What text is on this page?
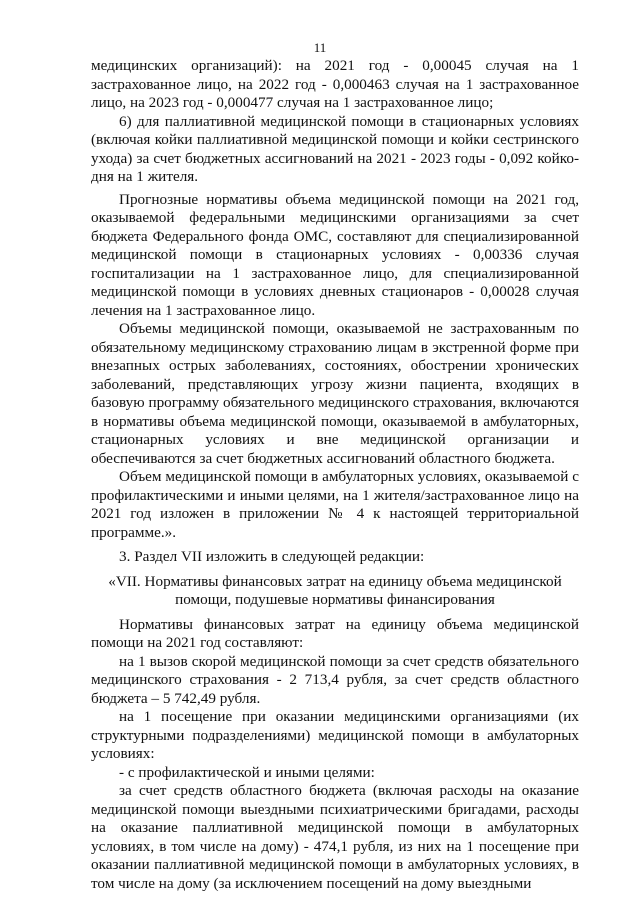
11

медицинских организаций): на 2021 год - 0,00045 случая на 1 застрахованное лицо, на 2022 год - 0,000463 случая на 1 застрахованное лицо, на 2023 год - 0,000477 случая на 1 застрахованное лицо;

6) для паллиативной медицинской помощи в стационарных условиях (включая койки паллиативной медицинской помощи и койки сестринского ухода) за счет бюджетных ассигнований на 2021 - 2023 годы - 0,092 койко-дня на 1 жителя.

Прогнозные нормативы объема медицинской помощи на 2021 год, оказываемой федеральными медицинскими организациями за счет бюджета Федерального фонда ОМС, составляют для специализированной медицинской помощи в стационарных условиях - 0,00336 случая госпитализации на 1 застрахованное лицо, для специализированной медицинской помощи в условиях дневных стационаров - 0,00028 случая лечения на 1 застрахованное лицо.

Объемы медицинской помощи, оказываемой не застрахованным по обязательному медицинскому страхованию лицам в экстренной форме при внезапных острых заболеваниях, состояниях, обострении хронических заболеваний, представляющих угрозу жизни пациента, входящих в базовую программу обязательного медицинского страхования, включаются в нормативы объема медицинской помощи, оказываемой в амбулаторных, стационарных условиях и вне медицинской организации и обеспечиваются за счет бюджетных ассигнований областного бюджета.

Объем медицинской помощи в амбулаторных условиях, оказываемой с профилактическими и иными целями, на 1 жителя/застрахованное лицо на 2021 год изложен в приложении № 4 к настоящей территориальной программе.».

3. Раздел VII изложить в следующей редакции:

«VII. Нормативы финансовых затрат на единицу объема медицинской помощи, подушевые нормативы финансирования

Нормативы финансовых затрат на единицу объема медицинской помощи на 2021 год составляют:

на 1 вызов скорой медицинской помощи за счет средств обязательного медицинского страхования - 2 713,4 рубля, за счет средств областного бюджета – 5 742,49 рубля.

на 1 посещение при оказании медицинскими организациями (их структурными подразделениями) медицинской помощи в амбулаторных условиях:

- с профилактической и иными целями:

за счет средств областного бюджета (включая расходы на оказание медицинской помощи выездными психиатрическими бригадами, расходы на оказание паллиативной медицинской помощи в амбулаторных условиях, в том числе на дому) - 474,1 рубля, из них на 1 посещение при оказании паллиативной медицинской помощи в амбулаторных условиях, в том числе на дому (за исключением посещений на дому выездными
